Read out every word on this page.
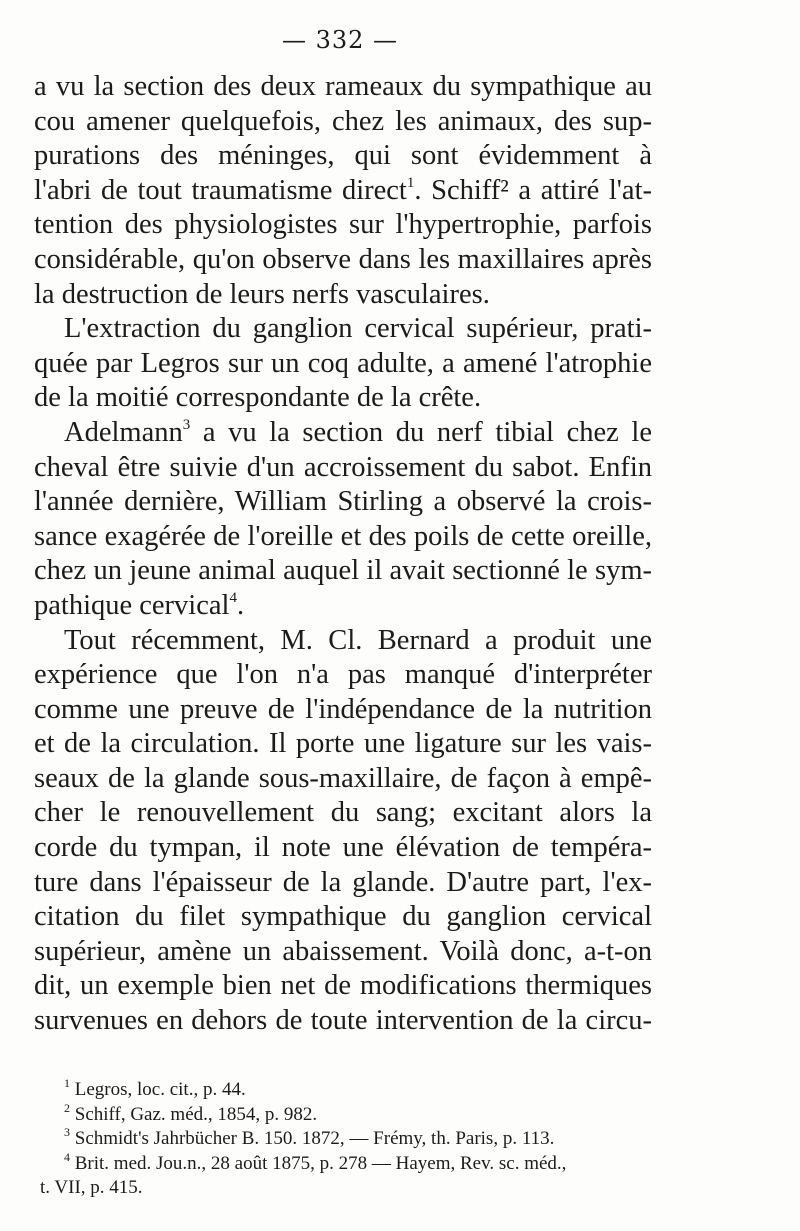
— 332 —
a vu la section des deux rameaux du sympathique au
cou amener quelquefois, chez les animaux, des sup-
purations des méninges, qui sont évidemment à
l'abri de tout traumatisme direct$^1$. Schiff² a attiré l'at-
tention des physiologistes sur l'hypertrophie, parfois
considérable, qu'on observe dans les maxillaires après
la destruction de leurs nerfs vasculaires.
L'extraction du ganglion cervical supérieur, prati-
quée par Legros sur un coq adulte, a amené l'atrophie
de la moitié correspondante de la crête.
Adelmann$^3$ a vu la section du nerf tibial chez le
cheval être suivie d'un accroissement du sabot. Enfin
l'année dernière, William Stirling a observé la crois-
sance exagérée de l'oreille et des poils de cette oreille,
chez un jeune animal auquel il avait sectionné le sym-
pathique cervical$^4$.
Tout récemment, M. Cl. Bernard a produit une
expérience que l'on n'a pas manqué d'interpréter
comme une preuve de l'indépendance de la nutrition
et de la circulation. Il porte une ligature sur les vais-
seaux de la glande sous-maxillaire, de façon à empê-
cher le renouvellement du sang; excitant alors la
corde du tympan, il note une élévation de tempéra-
ture dans l'épaisseur de la glande. D'autre part, l'ex-
citation du filet sympathique du ganglion cervical
supérieur, amène un abaissement. Voilà donc, a-t-on
dit, un exemple bien net de modifications thermiques
survenues en dehors de toute intervention de la circu-
$^1$ Legros, loc. cit., p. 44.
$^2$ Schiff, Gaz. méd., 1854, p. 982.
$^3$ Schmidt's Jahrbücher B. 150. 1872, — Frémy, th. Paris, p. 113.
$^4$ Brit. med. Jou.n., 28 août 1875, p. 278 — Hayem, Rev. sc. méd.,
t. VII, p. 415.
